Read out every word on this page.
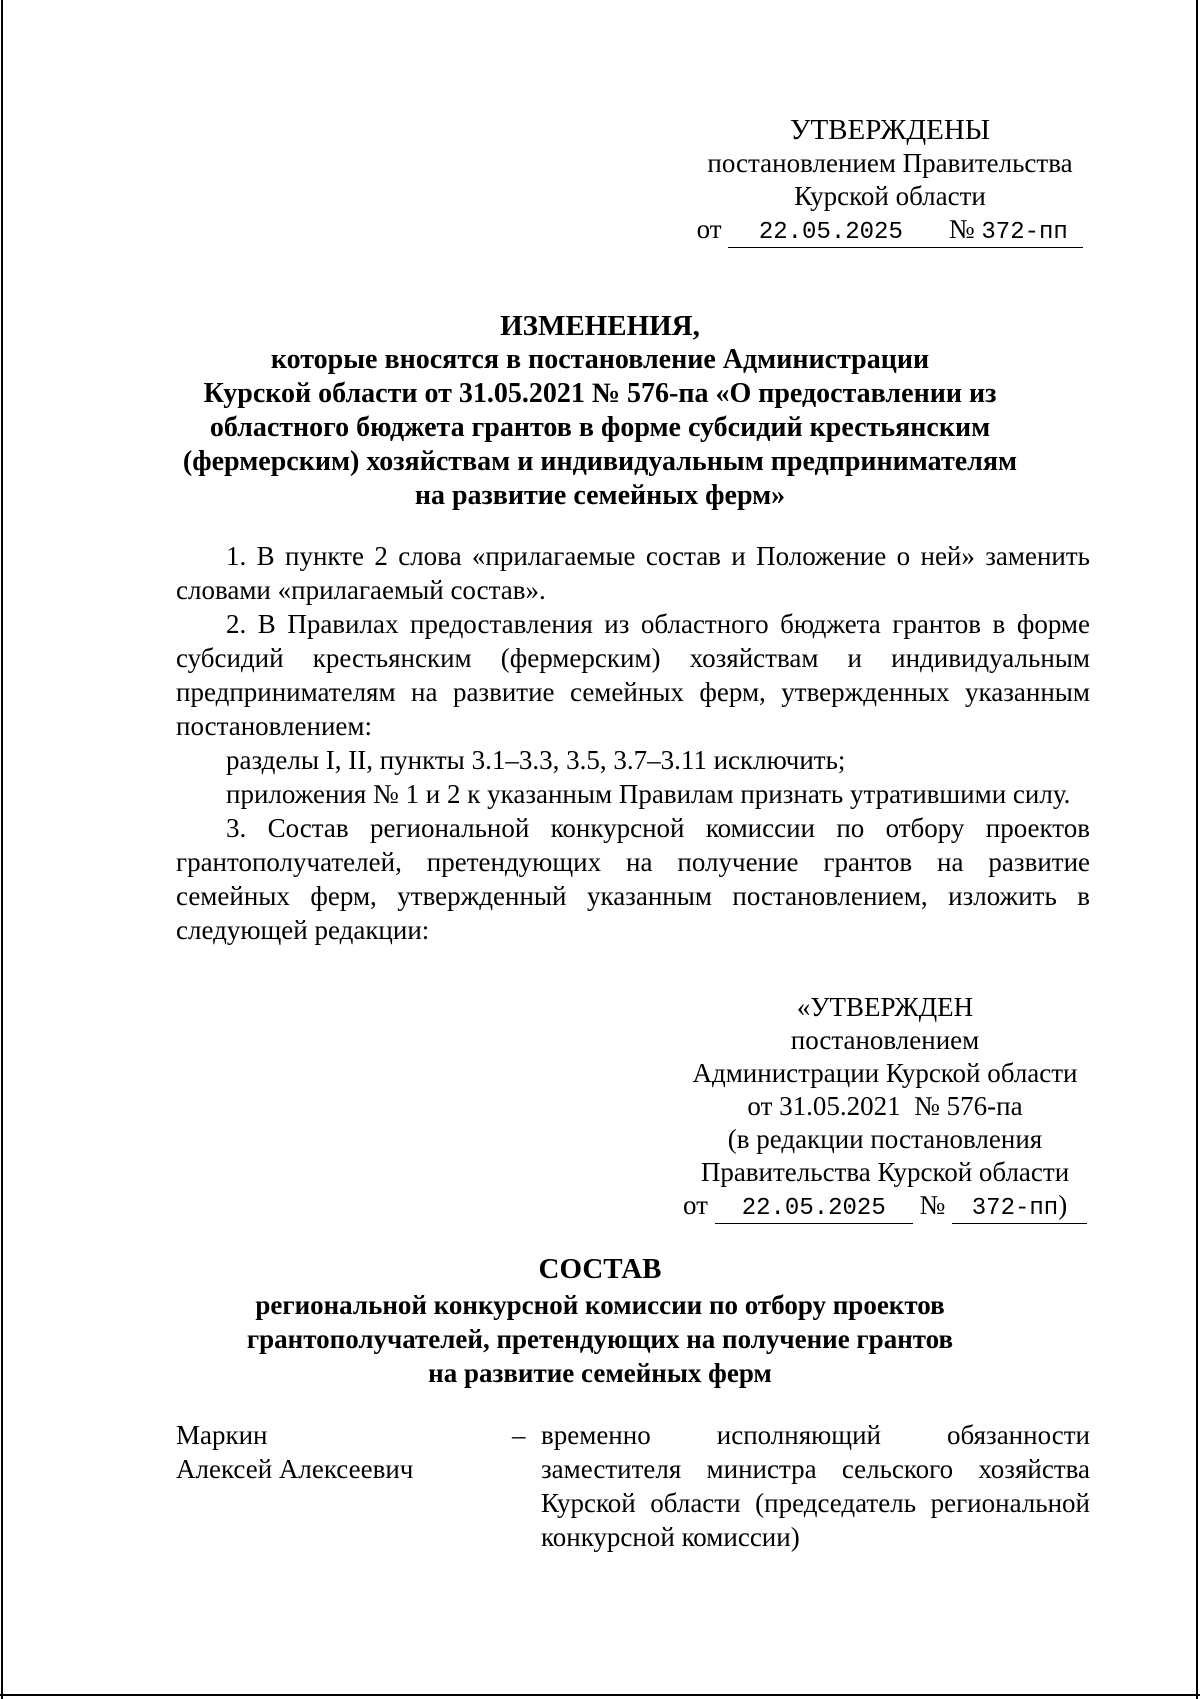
УТВЕРЖДЕНЫ
постановлением Правительства
Курской области
от 22.05.2025 № 372-пп
ИЗМЕНЕНИЯ,
которые вносятся в постановление Администрации
Курской области от 31.05.2021 № 576-па «О предоставлении из
областного бюджета грантов в форме субсидий крестьянским
(фермерским) хозяйствам и индивидуальным предпринимателям
на развитие семейных ферм»

1. В пункте 2 слова «прилагаемые состав и Положение о ней» заменить словами «прилагаемый состав».

2. В Правилах предоставления из областного бюджета грантов в форме субсидий крестьянским (фермерским) хозяйствам и индивидуальным предпринимателям на развитие семейных ферм, утвержденных указанным постановлением:

разделы I, II, пункты 3.1–3.3, 3.5, 3.7–3.11 исключить;

приложения № 1 и 2 к указанным Правилам признать утратившими силу.

3. Состав региональной конкурсной комиссии по отбору проектов грантополучателей, претендующих на получение грантов на развитие семейных ферм, утвержденный указанным постановлением, изложить в следующей редакции:

«УТВЕРЖДЕН
постановлением
Администрации Курской области
от 31.05.2021  № 576-па
(в редакции постановления
Правительства Курской области
от 22.05.2025 № 372-пп)
СОСТАВ
региональной конкурсной комиссии по отбору проектов
грантополучателей, претендующих на получение грантов
на развитие семейных ферм
Маркин
Алексей Алексеевич
– временно исполняющий обязанности заместителя министра сельского хозяйства Курской области (председатель региональной конкурсной комиссии)
